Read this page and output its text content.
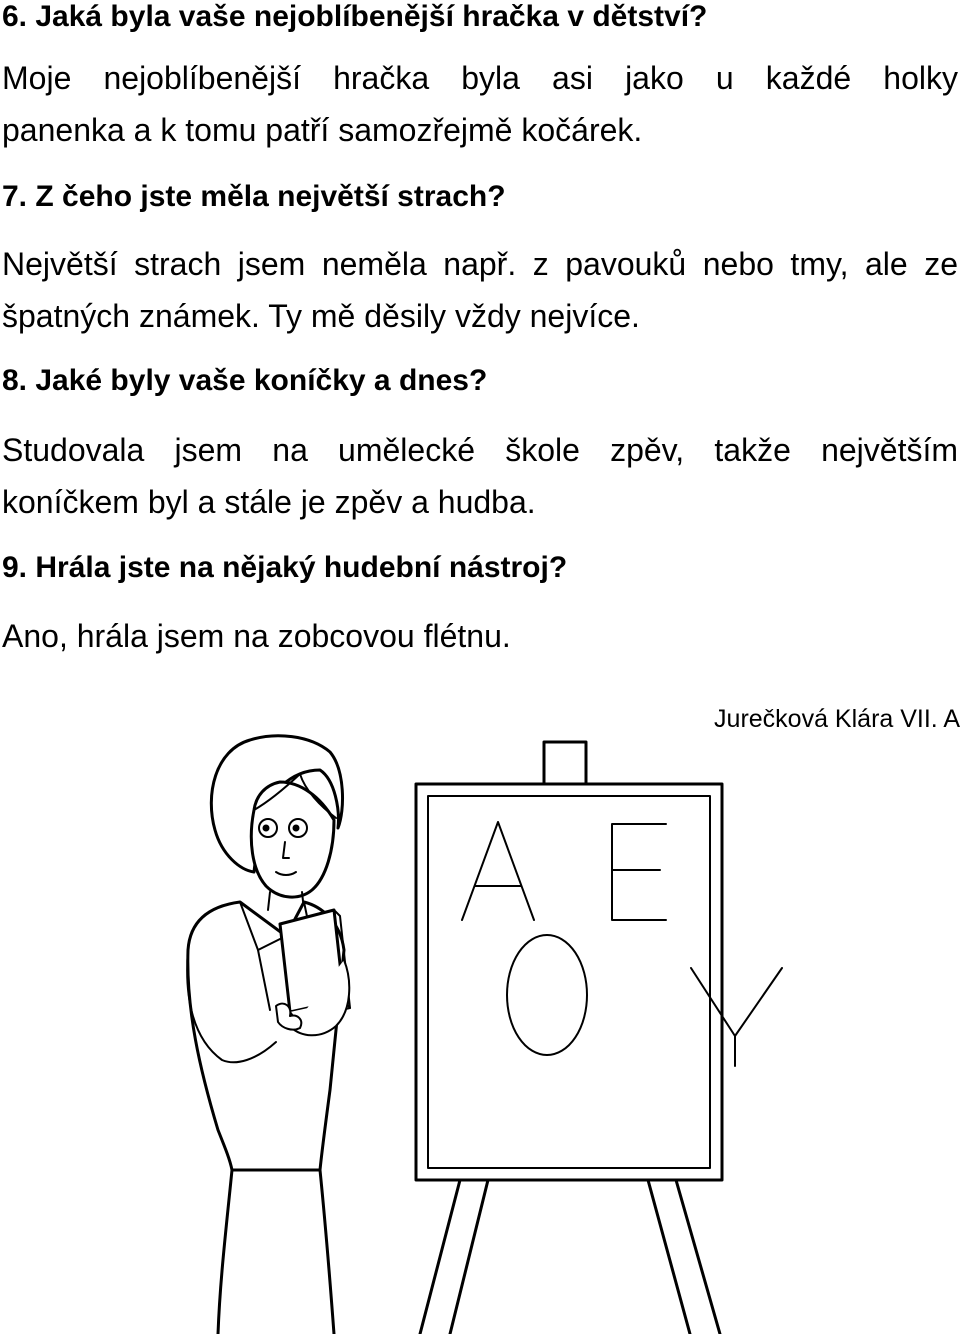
6. Jaká byla vaše nejoblíbenější hračka v dětství?

Moje nejoblíbenější hračka byla asi jako u každé holky

panenka a k tomu patří samozřejmě kočárek.

7. Z čeho jste měla největší strach?

Největší strach jsem neměla např. z pavouků nebo tmy, ale ze

špatných známek. Ty mě děsily vždy nejvíce.

8. Jaké byly vaše koníčky a dnes?

Studovala jsem na umělecké škole zpěv, takže největším

koníčkem byl a stále je zpěv a hudba.

9. Hrála jste na nějaký hudební nástroj?

Ano, hrála jsem na zobcovou flétnu.

Jurečková Klára VII. A
